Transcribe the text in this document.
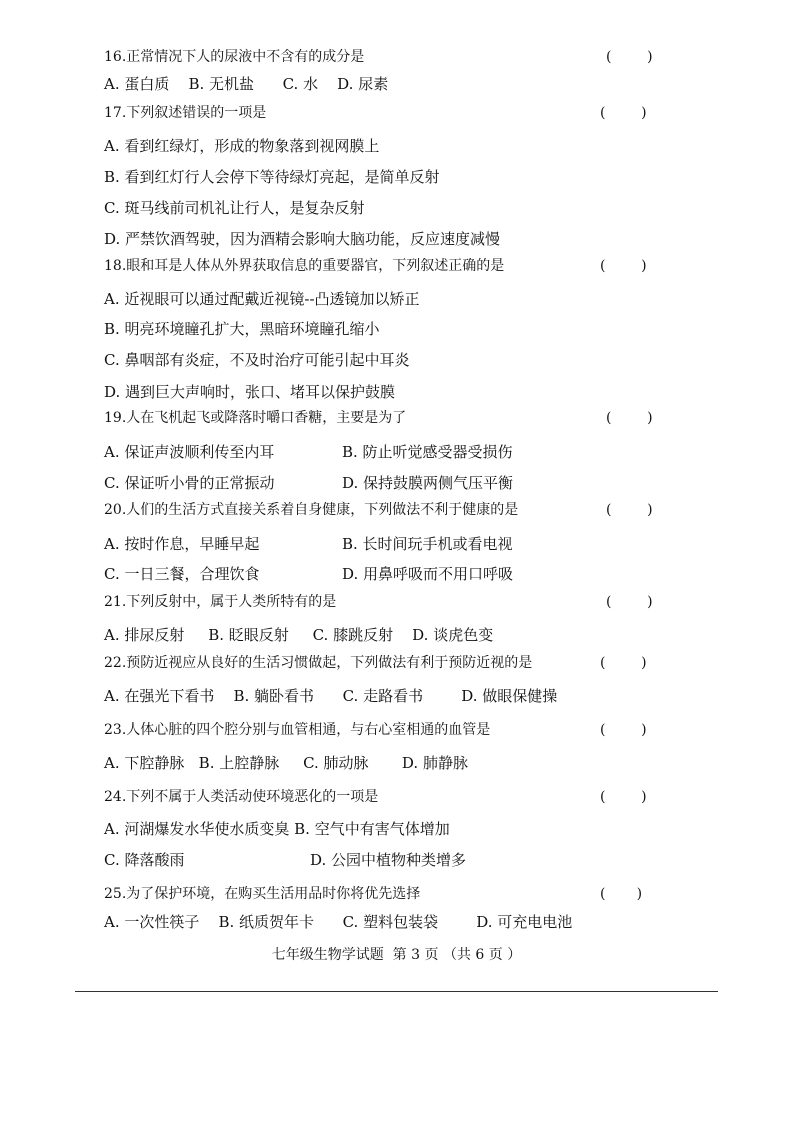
16.正常情况下人的尿液中不含有的成分是	(        )
A. 蛋白质    B. 无机盐      C. 水    D. 尿素
17.下列叙述错误的一项是	(        )
A. 看到红绿灯，形成的物象落到视网膜上
B. 看到红灯行人会停下等待绿灯亮起，是简单反射
C. 斑马线前司机礼让行人，是复杂反射
D. 严禁饮酒驾驶，因为酒精会影响大脑功能，反应速度减慢
18.眼和耳是人体从外界获取信息的重要器官，下列叙述正确的是	(        )
A. 近视眼可以通过配戴近视镜--凸透镜加以矫正
B. 明亮环境瞳孔扩大，黑暗环境瞳孔缩小
C. 鼻咽部有炎症，不及时治疗可能引起中耳炎
D. 遇到巨大声响时，张口、堵耳以保护鼓膜
19.人在飞机起飞或降落时嚼口香糖，主要是为了	(        )
A. 保证声波顺利传至内耳	B. 防止听觉感受器受损伤
C. 保证听小骨的正常振动	D. 保持鼓膜两侧气压平衡
20.人们的生活方式直接关系着自身健康，下列做法不利于健康的是	(        )
A. 按时作息，早睡早起	B. 长时间玩手机或看电视
C. 一日三餐，合理饮食	D. 用鼻呼吸而不用口呼吸
21.下列反射中，属于人类所特有的是	(        )
A. 排尿反射     B. 眨眼反射     C. 膝跳反射    D. 谈虎色变
22.预防近视应从良好的生活习惯做起，下列做法有利于预防近视的是	(        )
A. 在强光下看书    B. 躺卧看书      C. 走路看书        D. 做眼保健操
23.人体心脏的四个腔分别与血管相通，与右心室相通的血管是	(        )
A. 下腔静脉   B. 上腔静脉     C. 肺动脉       D. 肺静脉
24.下列不属于人类活动使环境恶化的一项是	(        )
A. 河湖爆发水华使水质变臭 B. 空气中有害气体增加
C. 降落酸雨	D. 公园中植物种类增多
25.为了保护环境，在购买生活用品时你将优先选择	(       )
A. 一次性筷子    B. 纸质贺年卡      C. 塑料包装袋        D. 可充电电池
七年级生物学试题  第 3 页 （共 6 页 ）
